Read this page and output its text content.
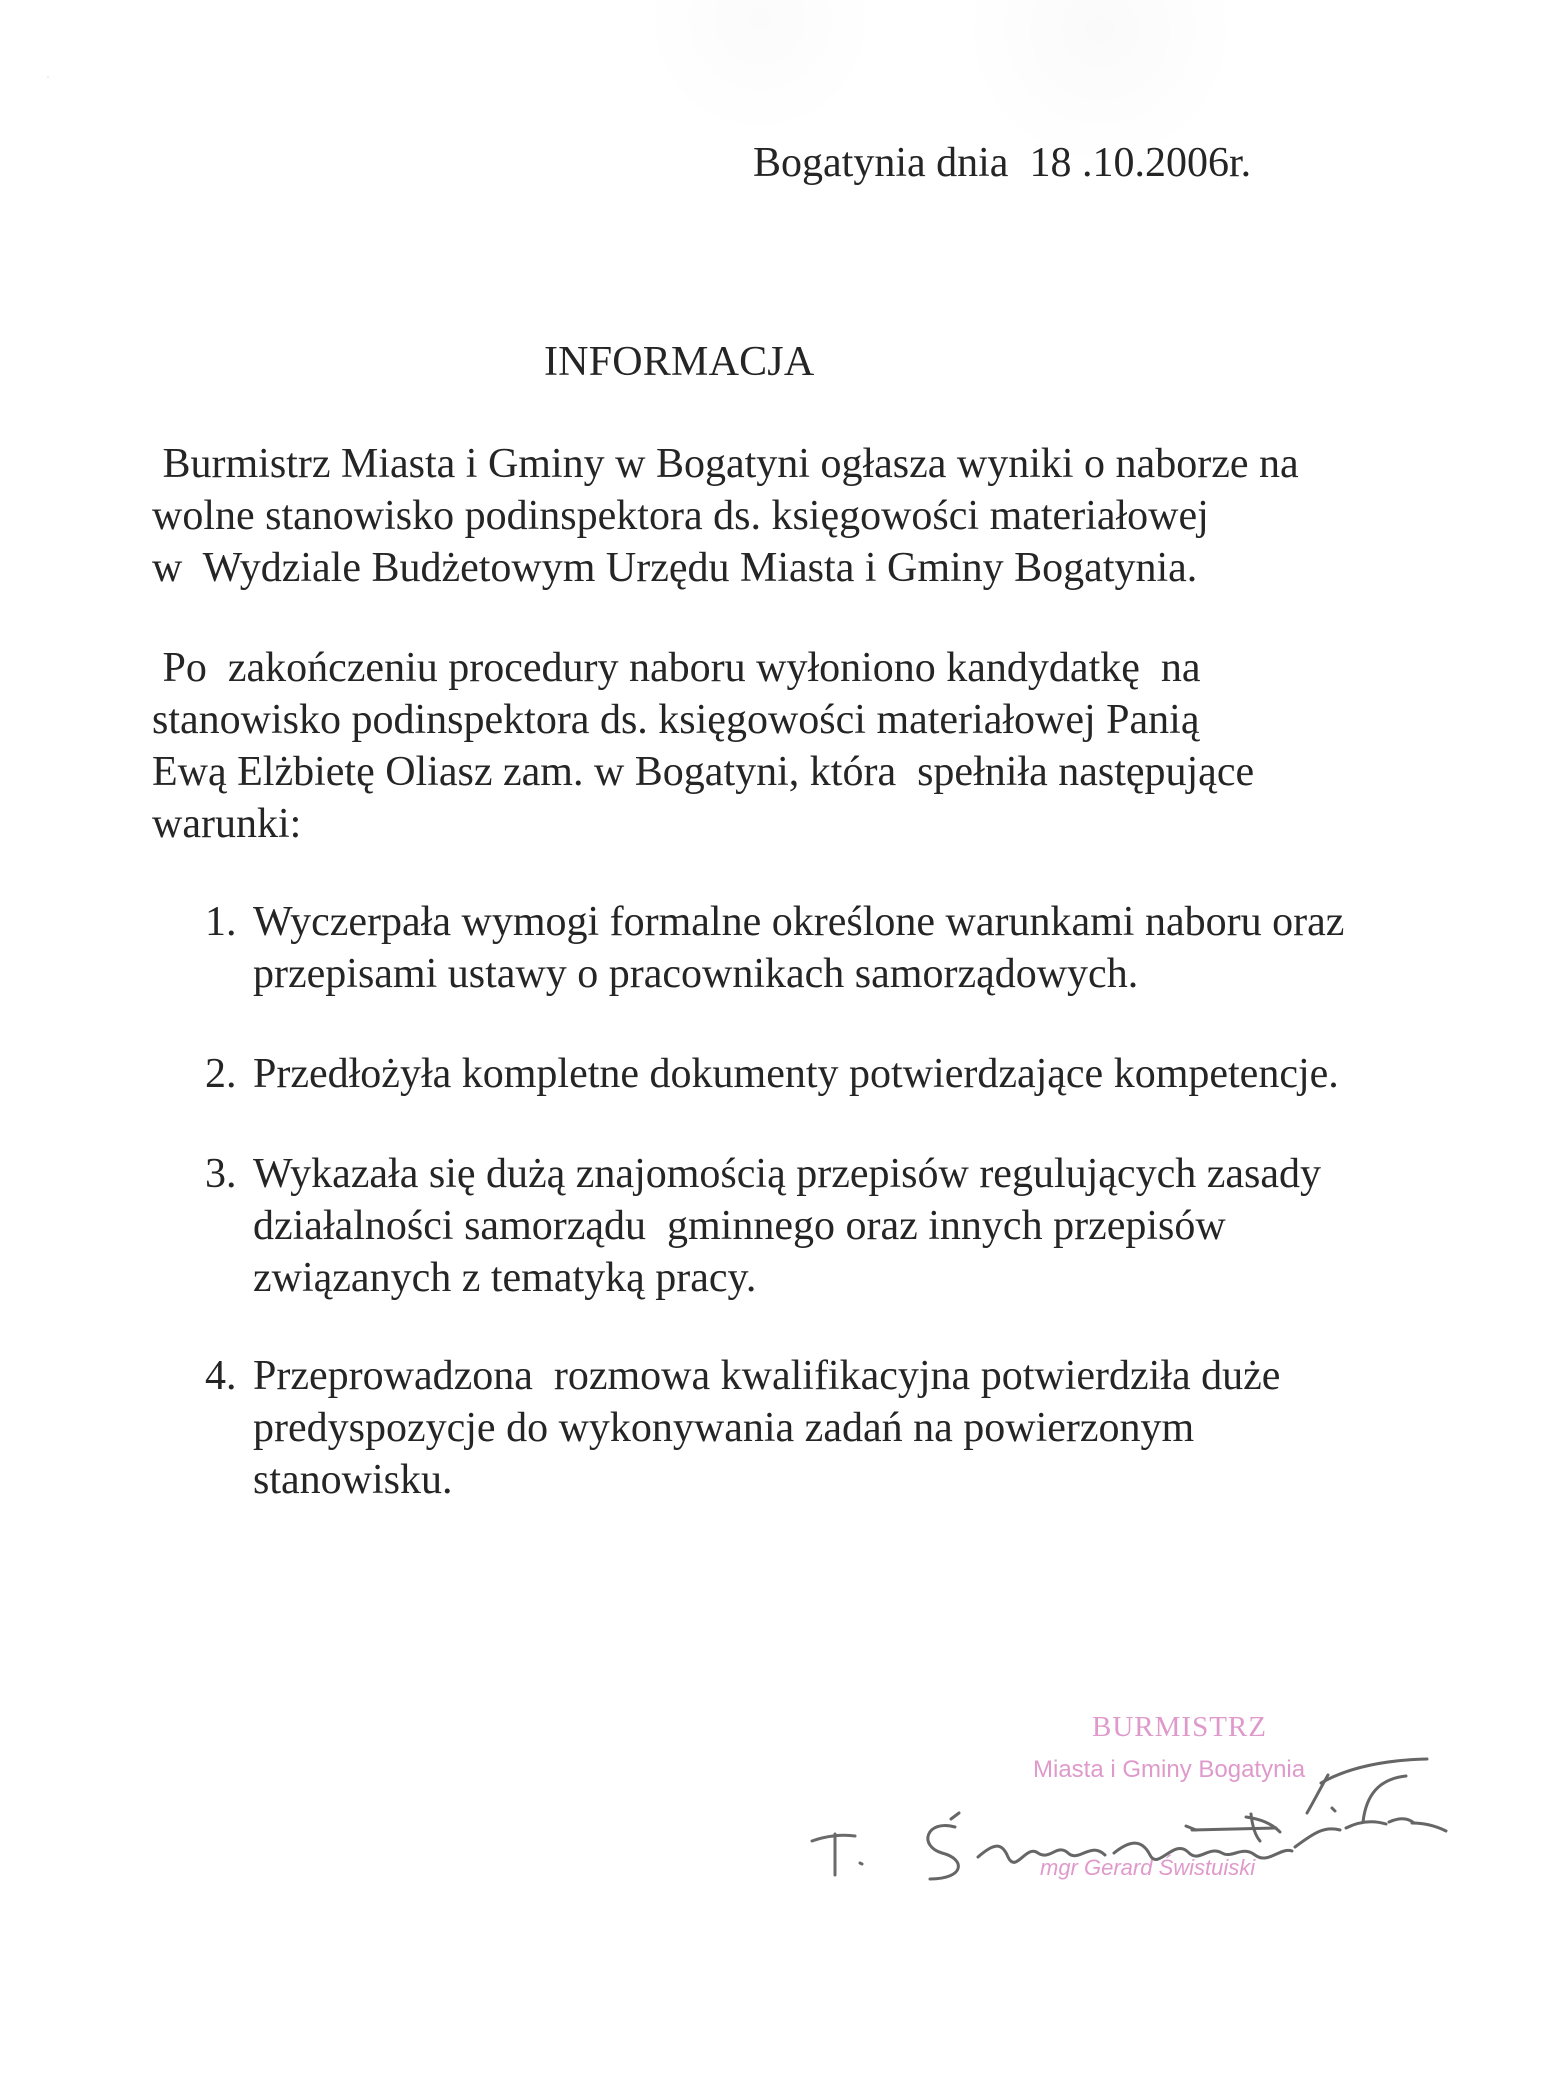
Bogatynia dnia  18 .10.2006r.

INFORMACJA

Burmistrz Miasta i Gminy w Bogatyni ogłasza wyniki o naborze na

wolne stanowisko podinspektora ds. księgowości materiałowej

w  Wydziale Budżetowym Urzędu Miasta i Gminy Bogatynia.

Po  zakończeniu procedury naboru wyłoniono kandydatkę  na

stanowisko podinspektora ds. księgowości materiałowej Panią

Ewą Elżbietę Oliasz zam. w Bogatyni, która  spełniła następujące

warunki:

1. Wyczerpała wymogi formalne określone warunkami naboru oraz
przepisami ustawy o pracownikach samorządowych.
2. Przedłożyła kompletne dokumenty potwierdzające kompetencje.
3. Wykazała się dużą znajomością przepisów regulujących zasady
działalności samorządu  gminnego oraz innych przepisów
związanych z tematyką pracy.
4. Przeprowadzona  rozmowa kwalifikacyjna potwierdziła duże
predyspozycje do wykonywania zadań na powierzonym
stanowisku.

BURMISTRZ

Miasta i Gminy Bogatynia

mgr Gerard Świstuiski
